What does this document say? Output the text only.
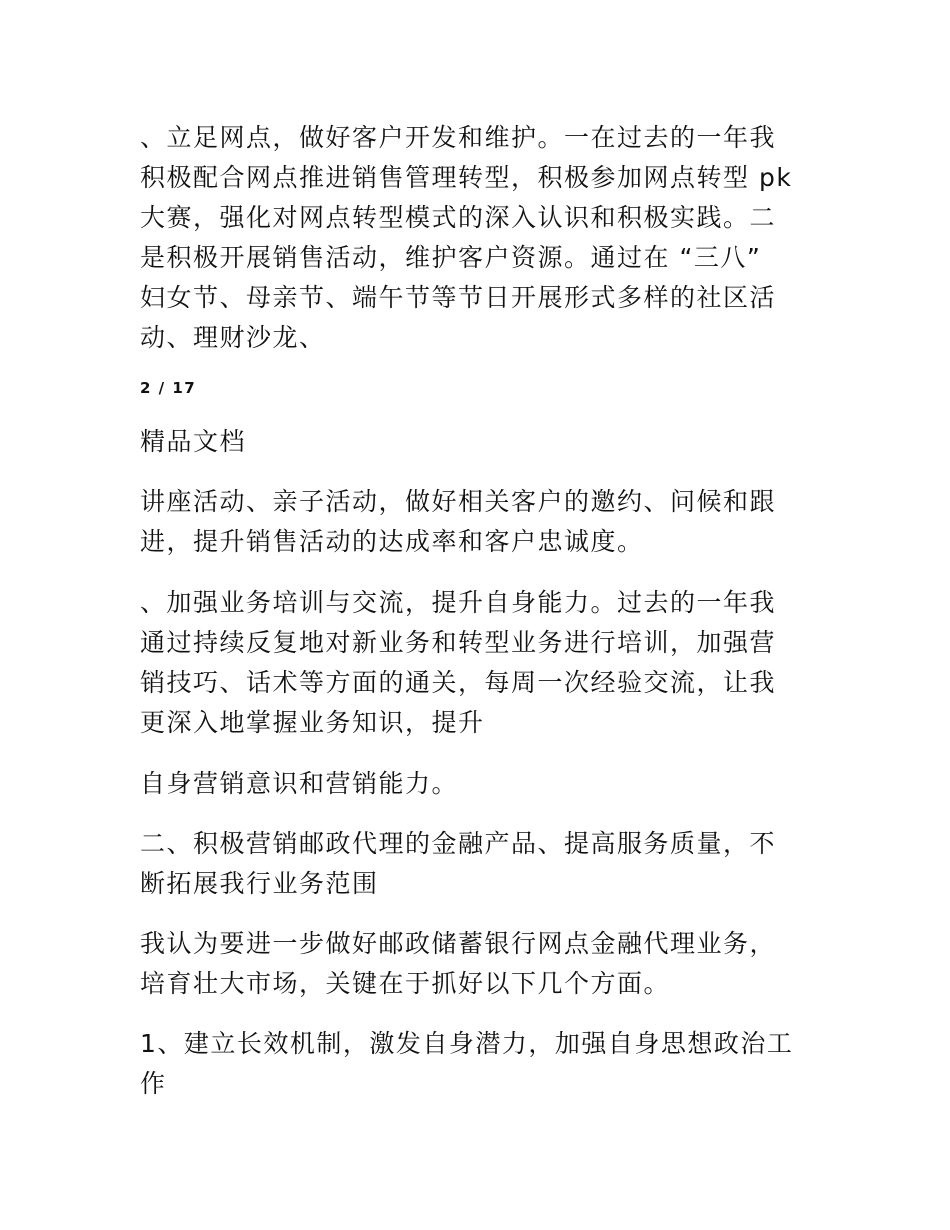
、立足网点，做好客户开发和维护。一在过去的一年我
积极配合网点推进销售管理转型，积极参加网点转型 pk
大赛，强化对网点转型模式的深入认识和积极实践。二
是积极开展销售活动，维护客户资源。通过在 “三八”
妇女节、母亲节、端午节等节日开展形式多样的社区活
动、理财沙龙、

2 / 17

精品文档

讲座活动、亲子活动，做好相关客户的邀约、问候和跟
进，提升销售活动的达成率和客户忠诚度。

、加强业务培训与交流，提升自身能力。过去的一年我
通过持续反复地对新业务和转型业务进行培训，加强营
销技巧、话术等方面的通关，每周一次经验交流，让我
更深入地掌握业务知识，提升

自身营销意识和营销能力。

二、积极营销邮政代理的金融产品、提高服务质量，不
断拓展我行业务范围

我认为要进一步做好邮政储蓄银行网点金融代理业务，
培育壮大市场，关键在于抓好以下几个方面。

1、建立长效机制，激发自身潜力，加强自身思想政治工
作
